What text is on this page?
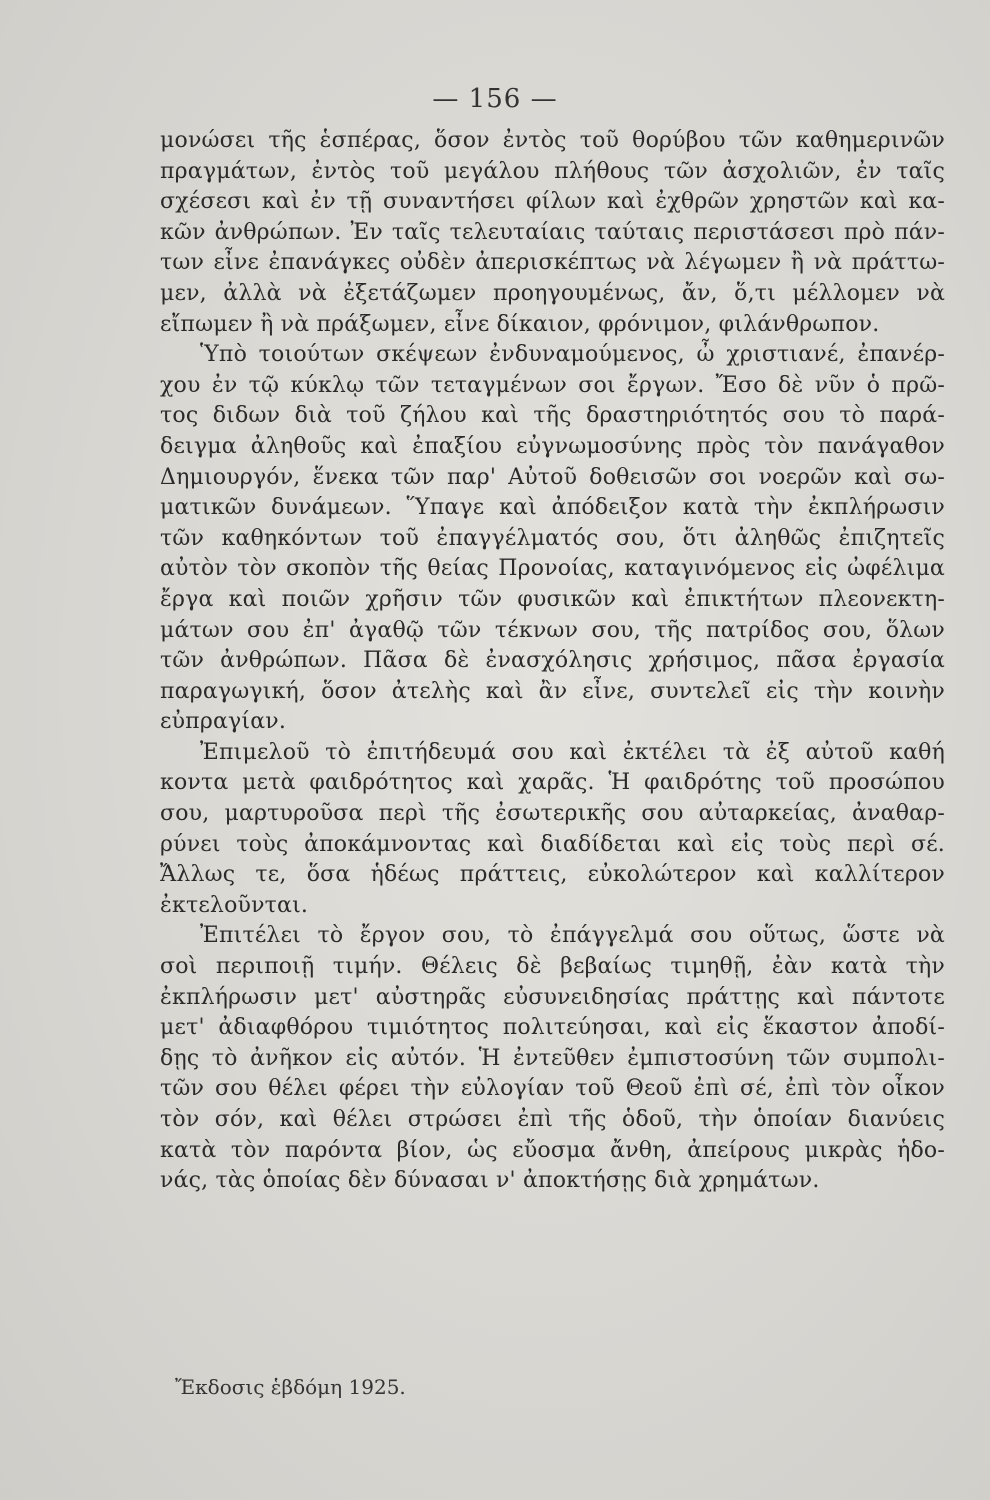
— 156 —
μονώσει τῆς ἑσπέρας, ὅσον ἐντὸς τοῦ θορύβου τῶν καθημερινῶν
πραγμάτων, ἐντὸς τοῦ μεγάλου πλήθους τῶν ἀσχολιῶν, ἐν ταῖς
σχέσεσι καὶ ἐν τῇ συναντήσει φίλων καὶ ἐχθρῶν χρηστῶν καὶ κα-
κῶν ἀνθρώπων. Ἐν ταῖς τελευταίαις ταύταις περιστάσεσι πρὸ πάν-
των εἶνε ἐπανάγκες οὐδὲν ἀπερισκέπτως νὰ λέγωμεν ἢ νὰ πράττω-
μεν, ἀλλὰ νὰ ἐξετάζωμεν προηγουμένως, ἄν, ὅ,τι μέλλομεν νὰ
εἴπωμεν ἢ νὰ πράξωμεν, εἶνε δίκαιον, φρόνιμον, φιλάνθρωπον.
Ὑπὸ τοιούτων σκέψεων ἐνδυναμούμενος, ὦ χριστιανέ, ἐπανέρ-
χου ἐν τῷ κύκλῳ τῶν τεταγμένων σοι ἔργων. Ἔσο δὲ νῦν ὁ πρῶ-
τος διδων διὰ τοῦ ζήλου καὶ τῆς δραστηριότητός σου τὸ παρά-
δειγμα ἀληθοῦς καὶ ἐπαξίου εὐγνωμοσύνης πρὸς τὸν πανάγαθον
Δημιουργόν, ἕνεκα τῶν παρ' Αὐτοῦ δοθεισῶν σοι νοερῶν καὶ σω-
ματικῶν δυνάμεων. Ὕπαγε καὶ ἀπόδειξον κατὰ τὴν ἐκπλήρωσιν
τῶν καθηκόντων τοῦ ἐπαγγέλματός σου, ὅτι ἀληθῶς ἐπιζητεῖς
αὐτὸν τὸν σκοπὸν τῆς θείας Προνοίας, καταγινόμενος εἰς ὠφέλιμα
ἔργα καὶ ποιῶν χρῆσιν τῶν φυσικῶν καὶ ἐπικτήτων πλεονεκτη-
μάτων σου ἐπ' ἀγαθῷ τῶν τέκνων σου, τῆς πατρίδος σου, ὅλων
τῶν ἀνθρώπων. Πᾶσα δὲ ἐνασχόλησις χρήσιμος, πᾶσα ἐργασία
παραγωγική, ὅσον ἀτελὴς καὶ ἂν εἶνε, συντελεῖ εἰς τὴν κοινὴν
εὐπραγίαν.
Ἐπιμελοῦ τὸ ἐπιτήδευμά σου καὶ ἐκτέλει τὰ ἐξ αὐτοῦ καθή
κοντα μετὰ φαιδρότητος καὶ χαρᾶς. Ἡ φαιδρότης τοῦ προσώπου
σου, μαρτυροῦσα περὶ τῆς ἐσωτερικῆς σου αὐταρκείας, ἀναθαρ-
ρύνει τοὺς ἀποκάμνοντας καὶ διαδίδεται καὶ εἰς τοὺς περὶ σέ.
Ἄλλως τε, ὅσα ἡδέως πράττεις, εὐκολώτερον καὶ καλλίτερον
ἐκτελοῦνται.
Ἐπιτέλει τὸ ἔργον σου, τὸ ἐπάγγελμά σου οὕτως, ὥστε νὰ
σοὶ περιποιῇ τιμήν. Θέλεις δὲ βεβαίως τιμηθῇ, ἐὰν κατὰ τὴν
ἐκπλήρωσιν μετ' αὐστηρᾶς εὐσυνειδησίας πράττῃς καὶ πάντοτε
μετ' ἀδιαφθόρου τιμιότητος πολιτεύησαι, καὶ εἰς ἕκαστον ἀποδί-
δῃς τὸ ἀνῆκον εἰς αὐτόν. Ἡ ἐντεῦθεν ἐμπιστοσύνη τῶν συμπολι-
τῶν σου θέλει φέρει τὴν εὐλογίαν τοῦ Θεοῦ ἐπὶ σέ, ἐπὶ τὸν οἶκον
τὸν σόν, καὶ θέλει στρώσει ἐπὶ τῆς ὁδοῦ, τὴν ὁποίαν διανύεις
κατὰ τὸν παρόντα βίον, ὡς εὔοσμα ἄνθη, ἀπείρους μικρὰς ἡδο-
νάς, τὰς ὁποίας δὲν δύνασαι ν' ἀποκτήσῃς διὰ χρημάτων.
Ἔκδοσις ἑβδόμη 1925.
